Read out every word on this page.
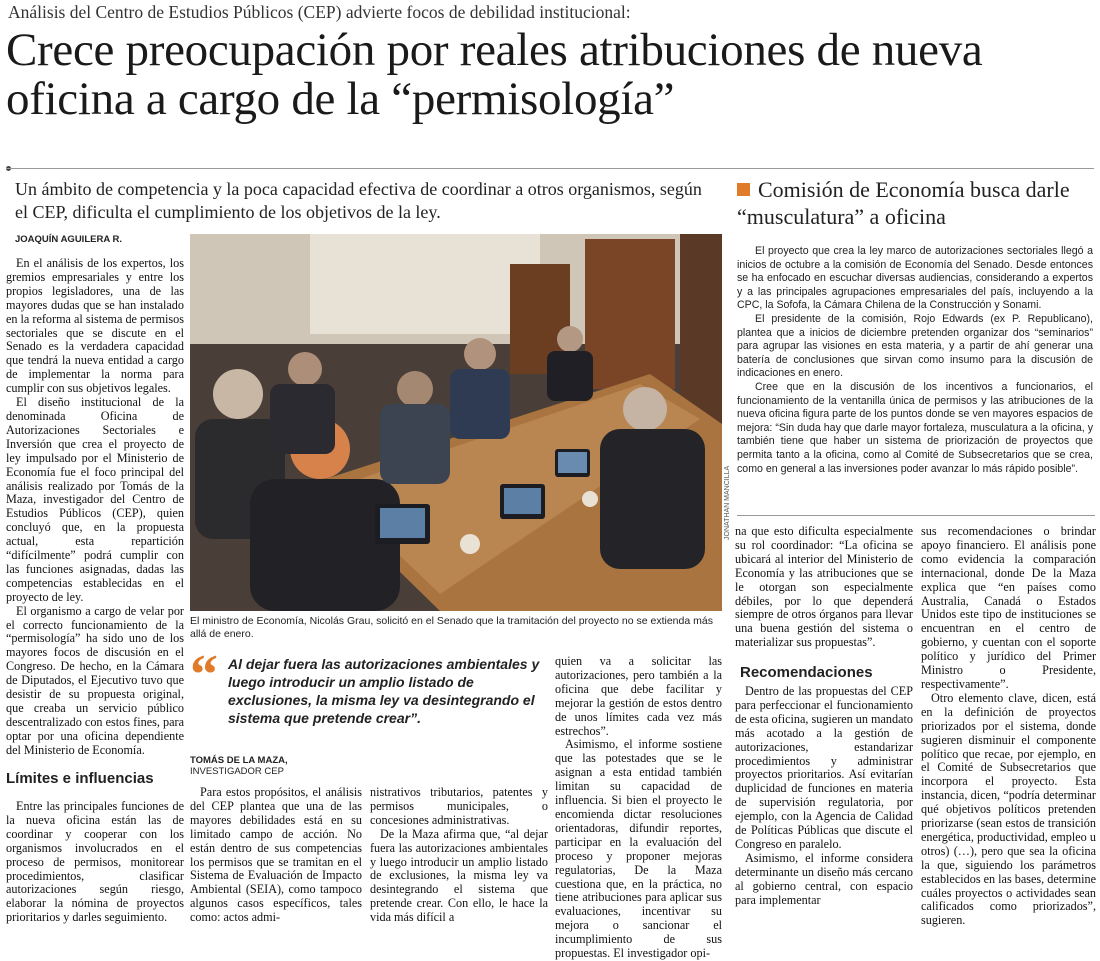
Análisis del Centro de Estudios Públicos (CEP) advierte focos de debilidad institucional:
Crece preocupación por reales atribuciones de nueva oficina a cargo de la “permisología”
Un ámbito de competencia y la poca capacidad efectiva de coordinar a otros organismos, según el CEP, dificulta el cumplimiento de los objetivos de la ley.
JOAQUÍN AGUILERA R.

En el análisis de los expertos, los gremios empresariales y entre los propios legisladores, una de las mayores dudas que se han instalado en la reforma al sistema de permisos sectoriales que se discute en el Senado es la verdadera capacidad que tendrá la nueva entidad a cargo de implementar la norma para cumplir con sus objetivos legales.

El diseño institucional de la denominada Oficina de Autorizaciones Sectoriales e Inversión que crea el proyecto de ley impulsado por el Ministerio de Economía fue el foco principal del análisis realizado por Tomás de la Maza, investigador del Centro de Estudios Públicos (CEP), quien concluyó que, en la propuesta actual, esta repartición “difícilmente” podrá cumplir con las funciones asignadas, dadas las competencias establecidas en el proyecto de ley.

El organismo a cargo de velar por el correcto funcionamiento de la “permisología” ha sido uno de los mayores focos de discusión en el Congreso. De hecho, en la Cámara de Diputados, el Ejecutivo tuvo que desistir de su propuesta original, que creaba un servicio público descentralizado con estos fines, para optar por una oficina dependiente del Ministerio de Economía.

Límites e influencias

Entre las principales funciones de la nueva oficina están las de coordinar y cooperar con los organismos involucrados en el proceso de permisos, monitorear procedimientos, clasificar autorizaciones según riesgo, elaborar la nómina de proyectos prioritarios y darles seguimiento.

JONATHAN MANCILLA
El ministro de Economía, Nicolás Grau, solicitó en el Senado que la tramitación del proyecto no se extienda más allá de enero.
“ Al dejar fuera las autorizaciones ambientales y luego introducir un amplio listado de exclusiones, la misma ley va desintegrando el sistema que pretende crear”.
TOMÁS DE LA MAZA,
INVESTIGADOR CEP

Para estos propósitos, el análisis del CEP plantea que una de las mayores debilidades está en su limitado campo de acción. No están dentro de sus competencias los permisos que se tramitan en el Sistema de Evaluación de Impacto Ambiental (SEIA), como tampoco algunos casos específicos, tales como: actos admi-

nistrativos tributarios, patentes y permisos municipales, o concesiones administrativas.

De la Maza afirma que, “al dejar fuera las autorizaciones ambientales y luego introducir un amplio listado de exclusiones, la misma ley va desintegrando el sistema que pretende crear. Con ello, le hace la vida más difícil a

quien va a solicitar las autorizaciones, pero también a la oficina que debe facilitar y mejorar la gestión de estos dentro de unos límites cada vez más estrechos”.

Asimismo, el informe sostiene que las potestades que se le asignan a esta entidad también limitan su capacidad de influencia. Si bien el proyecto le encomienda dictar resoluciones orientadoras, difundir reportes, participar en la evaluación del proceso y proponer mejoras regulatorias, De la Maza cuestiona que, en la práctica, no tiene atribuciones para aplicar sus evaluaciones, incentivar su mejora o sancionar el incumplimiento de sus propuestas. El investigador opi-

na que esto dificulta especialmente su rol coordinador: “La oficina se ubicará al interior del Ministerio de Economía y las atribuciones que se le otorgan son especialmente débiles, por lo que dependerá siempre de otros órganos para llevar una buena gestión del sistema o materializar sus propuestas”.

Recomendaciones

Dentro de las propuestas del CEP para perfeccionar el funcionamiento de esta oficina, sugieren un mandato más acotado a la gestión de autorizaciones, estandarizar procedimientos y administrar proyectos prioritarios. Así evitarían duplicidad de funciones en materia de supervisión regulatoria, por ejemplo, con la Agencia de Calidad de Políticas Públicas que discute el Congreso en paralelo.

Asimismo, el informe considera determinante un diseño más cercano al gobierno central, con espacio para implementar

sus recomendaciones o brindar apoyo financiero. El análisis pone como evidencia la comparación internacional, donde De la Maza explica que “en países como Australia, Canadá o Estados Unidos este tipo de instituciones se encuentran en el centro de gobierno, y cuentan con el soporte político y jurídico del Primer Ministro o Presidente, respectivamente”.

Otro elemento clave, dicen, está en la definición de proyectos priorizados por el sistema, donde sugieren disminuir el componente político que recae, por ejemplo, en el Comité de Subsecretarios que incorpora el proyecto. Esta instancia, dicen, “podría determinar qué objetivos políticos pretenden priorizarse (sean estos de transición energética, productividad, empleo u otros) (…), pero que sea la oficina la que, siguiendo los parámetros establecidos en las bases, determine cuáles proyectos o actividades sean calificados como priorizados”, sugieren.

Comisión de Economía busca darle “musculatura” a oficina

El proyecto que crea la ley marco de autorizaciones sectoriales llegó a inicios de octubre a la comisión de Economía del Senado. Desde entonces se ha enfocado en escuchar diversas audiencias, considerando a expertos y a las principales agrupaciones empresariales del país, incluyendo a la CPC, la Sofofa, la Cámara Chilena de la Construcción y Sonami.

El presidente de la comisión, Rojo Edwards (ex P. Republicano), plantea que a inicios de diciembre pretenden organizar dos “seminarios” para agrupar las visiones en esta materia, y a partir de ahí generar una batería de conclusiones que sirvan como insumo para la discusión de indicaciones en enero.

Cree que en la discusión de los incentivos a funcionarios, el funcionamiento de la ventanilla única de permisos y las atribuciones de la nueva oficina figura parte de los puntos donde se ven mayores espacios de mejora: “Sin duda hay que darle mayor fortaleza, musculatura a la oficina, y también tiene que haber un sistema de priorización de proyectos que permita tanto a la oficina, como al Comité de Subsecretarios que se crea, como en general a las inversiones poder avanzar lo más rápido posible”.
